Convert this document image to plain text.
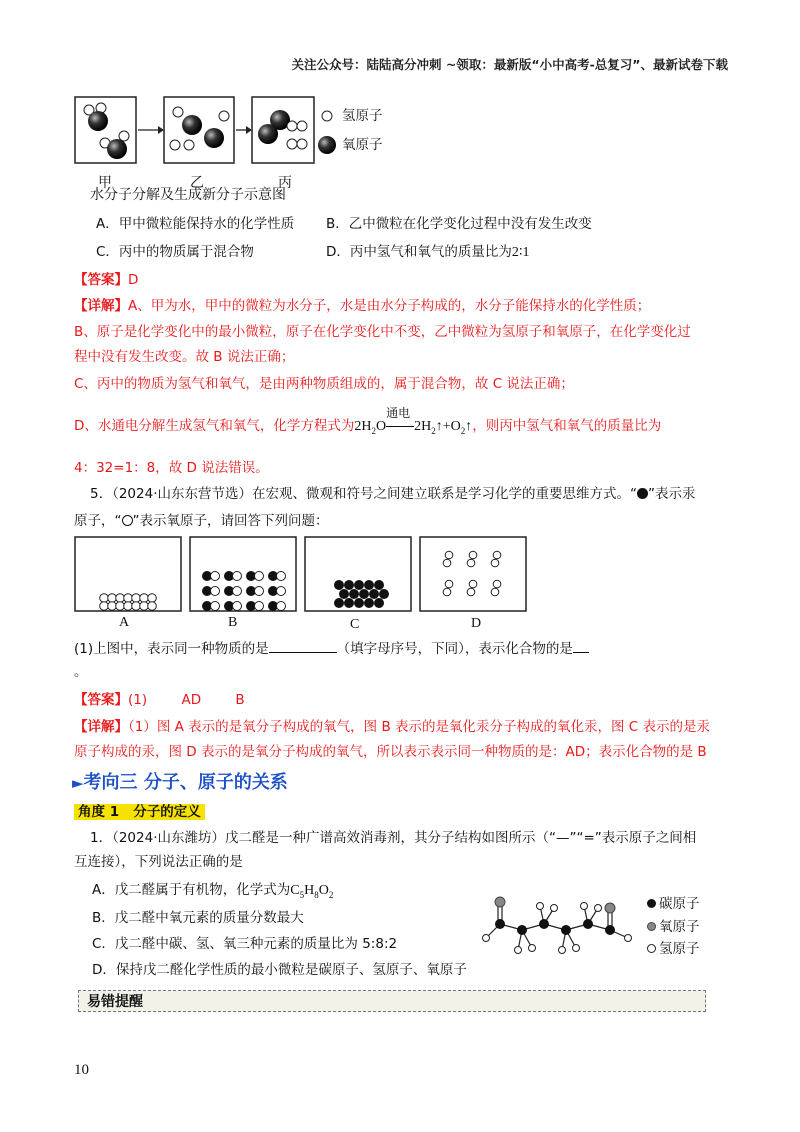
关注公众号：陆陆高分冲刺 ~领取：最新版“小中高考-总复习”、最新试卷下载
氢原子
氧原子
甲	乙	丙
水分子分解及生成新分子示意图
A．甲中微粒能保持水的化学性质 B．乙中微粒在化学变化过程中没有发生改变
C．丙中的物质属于混合物	D．丙中氢气和氧气的质量比为2∶1
【答案】D
【详解】A、甲为水，甲中的微粒为水分子，水是由水分子构成的，水分子能保持水的化学性质；
B、原子是化学变化中的最小微粒，原子在化学变化中不变，乙中微粒为氢原子和氧原子，在化学变化过
程中没有发生改变。故 B 说法正确；
C、丙中的物质为氢气和氧气，是由两种物质组成的，属于混合物，故 C 说法正确；
D、水通电分解生成氢气和氧气，化学方程式为$2H_2O$
通电
$2H_2↑+O_2↑$，则丙中氢气和氧气的质量比为
4：32=1：8，故 D 说法错误。
5．（2024·山东东营节选）在宏观、微观和符号之间建立联系是学习化学的重要思维方式。“ ”表示汞
原子，“ ”表示氧原子，请回答下列问题：
A	B	C	D
(1)上图中，表示同一种物质的是	（填字母序号，下同），表示化合物的是
。
【答案】(1)        AD        B
【详解】（1）图 A 表示的是氧分子构成的氧气，图 B 表示的是氧化汞分子构成的氧化汞，图 C 表示的是汞
原子构成的汞，图 D 表示的是氧分子构成的氧气，所以表示表示同一种物质的是：AD；表示化合物的是 B
►考向三 分子、原子的关系
角度 1   分子的定义
1．（2024·山东潍坊）戊二醛是一种广谱高效消毒剂，其分子结构如图所示（“—”“=”表示原子之间相
互连接），下列说法正确的是
A．戊二醛属于有机物，化学式为$C_5H_8O_2$
B．戊二醛中氧元素的质量分数最大
C．戊二醛中碳、氢、氧三种元素的质量比为 5:8:2
D．保持戊二醛化学性质的最小微粒是碳原子、氢原子、氧原子
碳原子
氧原子
氢原子
易错提醒
10
